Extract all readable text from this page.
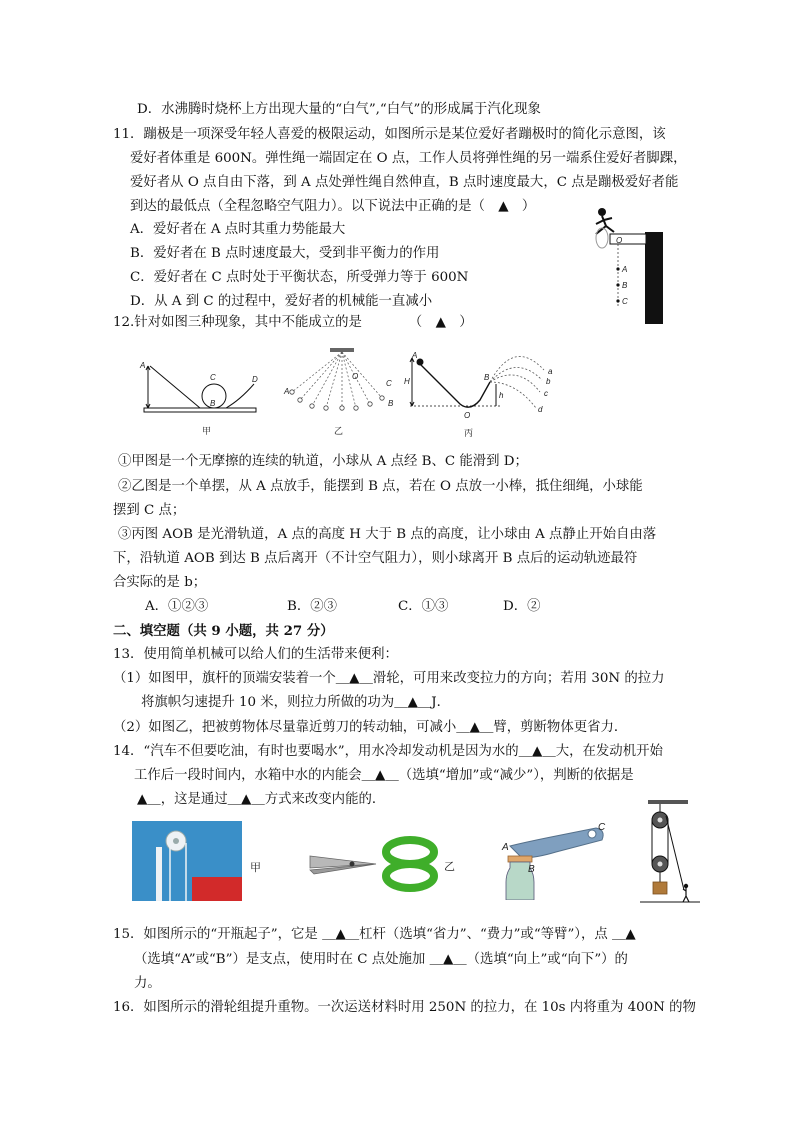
D．水沸腾时烧杯上方出现大量的“白气”,“白气”的形成属于汽化现象
11．蹦极是一项深受年轻人喜爱的极限运动，如图所示是某位爱好者蹦极时的简化示意图，该
爱好者体重是 600N。弹性绳一端固定在 O 点，工作人员将弹性绳的另一端系住爱好者脚踝，
爱好者从 O 点自由下落，到 A 点处弹性绳自然伸直，B 点时速度最大，C 点是蹦极爱好者能
到达的最低点（全程忽略空气阻力）。以下说法中正确的是（　▲　）
A．爱好者在 A 点时其重力势能最大
B．爱好者在 B 点时速度最大，受到非平衡力的作用
C．爱好者在 C 点时处于平衡状态，所受弹力等于 600N
D．从 A 到 C 的过程中，爱好者的机械能一直减小
O
A
B
C
12.针对如图三种现象，其中不能成立的是　　　　（　▲　）
A
B
C	D
甲
A
O
C
B
乙
A
H	B
h
O
a
b
c
d
丙
①甲图是一个无摩擦的连续的轨道，小球从 A 点经 B、C 能滑到 D；
②乙图是一个单摆，从 A 点放手，能摆到 B 点，若在 O 点放一小棒，抵住细绳，小球能
摆到 C 点；
③丙图 AOB 是光滑轨道，A 点的高度 H 大于 B 点的高度，让小球由 A 点静止开始自由落
下，沿轨道 AOB 到达 B 点后离开（不计空气阻力），则小球离开 B 点后的运动轨迹最符
合实际的是 b；
A．①②③	B．②③	C．①③	D．②
二、填空题（共 9 小题，共 27 分）
13．使用简单机械可以给人们的生活带来便利：
（1）如图甲，旗杆的顶端安装着一个＿▲＿滑轮，可用来改变拉力的方向；若用 30N 的拉力
将旗帜匀速提升 10 米，则拉力所做的功为＿▲＿J．
（2）如图乙，把被剪物体尽量靠近剪刀的转动轴，可减小＿▲＿臂，剪断物体更省力．
14．“汽车不但要吃油，有时也要喝水”，用水冷却发动机是因为水的＿▲＿大，在发动机开始
工作后一段时间内，水箱中水的内能会＿▲＿（选填“增加”或“减少”），判断的依据是
▲＿，这是通过＿▲＿方式来改变内能的．
甲	乙
A
B
C
15．如图所示的“开瓶起子”，它是 ＿▲＿杠杆（选填“省力”、“费力”或“等臂”），点 ＿▲
（选填“A”或“B”）是支点，使用时在 C 点处施加 ＿▲＿（选填“向上”或“向下”）的
力。
16．如图所示的滑轮组提升重物。一次运送材料时用 250N 的拉力，在 10s 内将重为 400N 的物
